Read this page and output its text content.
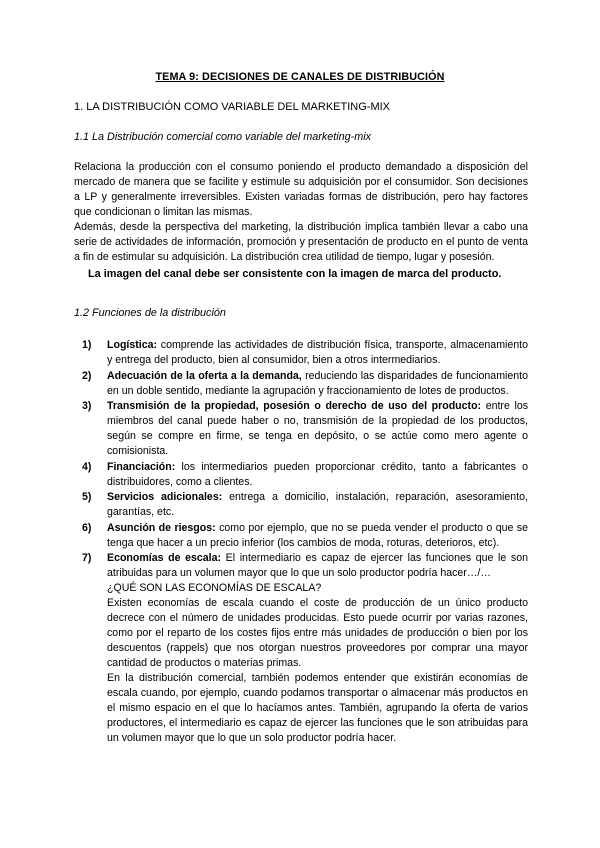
TEMA 9: DECISIONES DE CANALES DE DISTRIBUCIÓN
1. LA DISTRIBUCIÓN COMO VARIABLE DEL MARKETING-MIX
1.1 La Distribución comercial como variable del marketing-mix

Relaciona la producción con el consumo poniendo el producto demandado a disposición del mercado de manera que se facilite y estimule su adquisición por el consumidor. Son decisiones a LP y generalmente irreversibles. Existen variadas formas de distribución, pero hay factores que condicionan o limitan las mismas.

Además, desde la perspectiva del marketing, la distribución implica también llevar a cabo una serie de actividades de información, promoción y presentación de producto en el punto de venta a fin de estimular su adquisición. La distribución crea utilidad de tiempo, lugar y posesión.

La imagen del canal debe ser consistente con la imagen de marca del producto.

1.2 Funciones de la distribución
1) Logística: comprende las actividades de distribución física, transporte, almacenamiento y entrega del producto, bien al consumidor, bien a otros intermediarios.
2) Adecuación de la oferta a la demanda, reduciendo las disparidades de funcionamiento en un doble sentido, mediante la agrupación y fraccionamiento de lotes de productos.
3) Transmisión de la propiedad, posesión o derecho de uso del producto: entre los miembros del canal puede haber o no, transmisión de la propiedad de los productos, según se compre en firme, se tenga en depósito, o se actúe como mero agente o comisionista.
4) Financiación: los intermediarios pueden proporcionar crédito, tanto a fabricantes o distribuidores, como a clientes.
5) Servicios adicionales: entrega a domicilio, instalación, reparación, asesoramiento, garantías, etc.
6) Asunción de riesgos: como por ejemplo, que no se pueda vender el producto o que se tenga que hacer a un precio inferior (los cambios de moda, roturas, deterioros, etc).
7) Economías de escala: El intermediario es capaz de ejercer las funciones que le son atribuidas para un volumen mayor que lo que un solo productor podría hacer…/…
¿QUÉ SON LAS ECONOMÍAS DE ESCALA?
Existen economías de escala cuando el coste de producción de un único producto decrece con el número de unidades producidas. Esto puede ocurrir por varias razones, como por el reparto de los costes fijos entre más unidades de producción o bien por los descuentos (rappels) que nos otorgan nuestros proveedores por comprar una mayor cantidad de productos o materias primas.
En la distribución comercial, también podemos entender que existirán economías de escala cuando, por ejemplo, cuando podamos transportar o almacenar más productos en el mismo espacio en el que lo hacíamos antes. También, agrupando la oferta de varios productores, el intermediario es capaz de ejercer las funciones que le son atribuidas para un volumen mayor que lo que un solo productor podría hacer.
